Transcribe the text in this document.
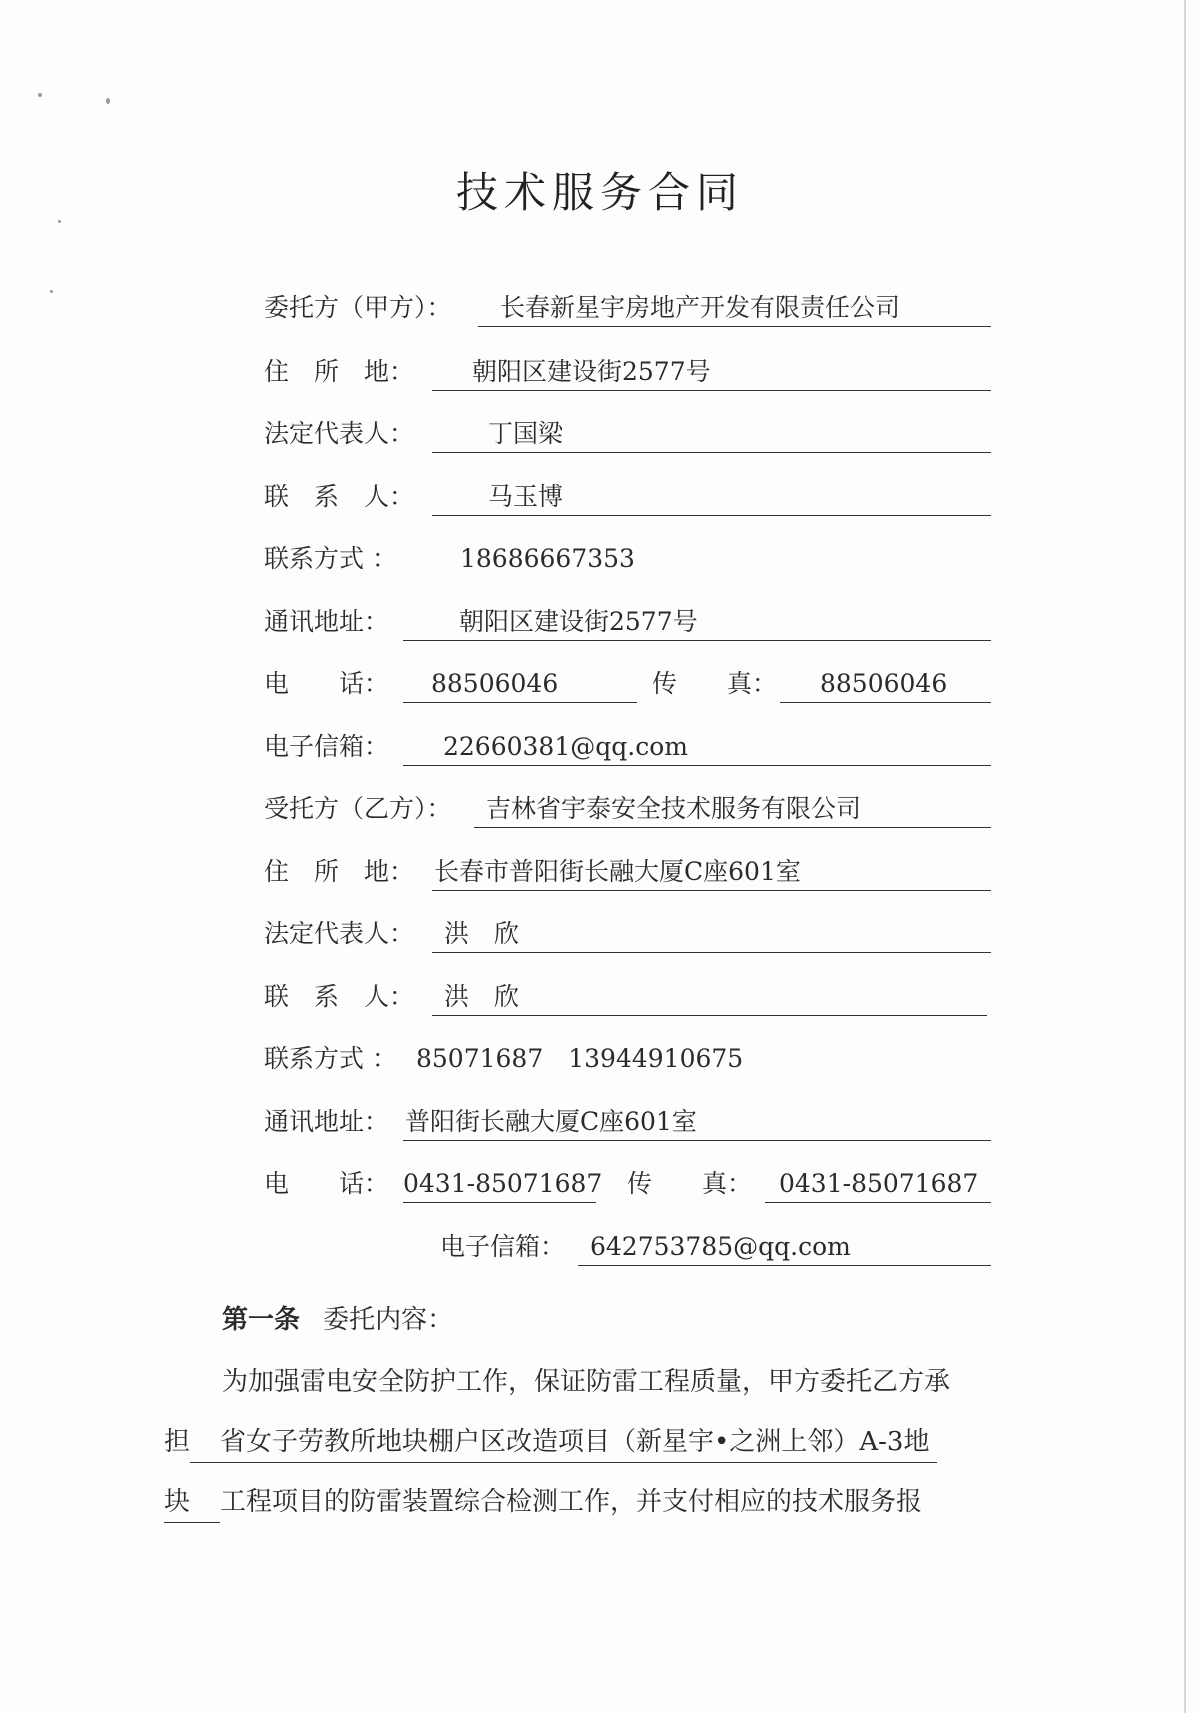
技术服务合同
委托方（甲方）：	长春新星宇房地产开发有限责任公司
住　所　地：	朝阳区建设街2577号
法定代表人：	丁国梁
联　系　人：	马玉博
联系方式 ：	18686667353
通讯地址：	朝阳区建设街2577号
电　　话：	88506046	传　　真：	88506046
电子信箱：	22660381@qq.com
受托方（乙方）：	吉林省宇泰安全技术服务有限公司
住　所　地： 长春市普阳街长融大厦C座601室
法定代表人：	洪　欣
联　系　人：	洪　欣
联系方式 ： 85071687　13944910675
通讯地址： 普阳街长融大厦C座601室
电　　话： 0431-85071687 传　　真：	0431-85071687
电子信箱： 642753785@qq.com
第一条 委托内容：
为加强雷电安全防护工作，保证防雷工程质量，甲方委托乙方承
担 省女子劳教所地块棚户区改造项目（新星宇•之洲上邻）A-3地
块 工程项目的防雷装置综合检测工作，并支付相应的技术服务报
